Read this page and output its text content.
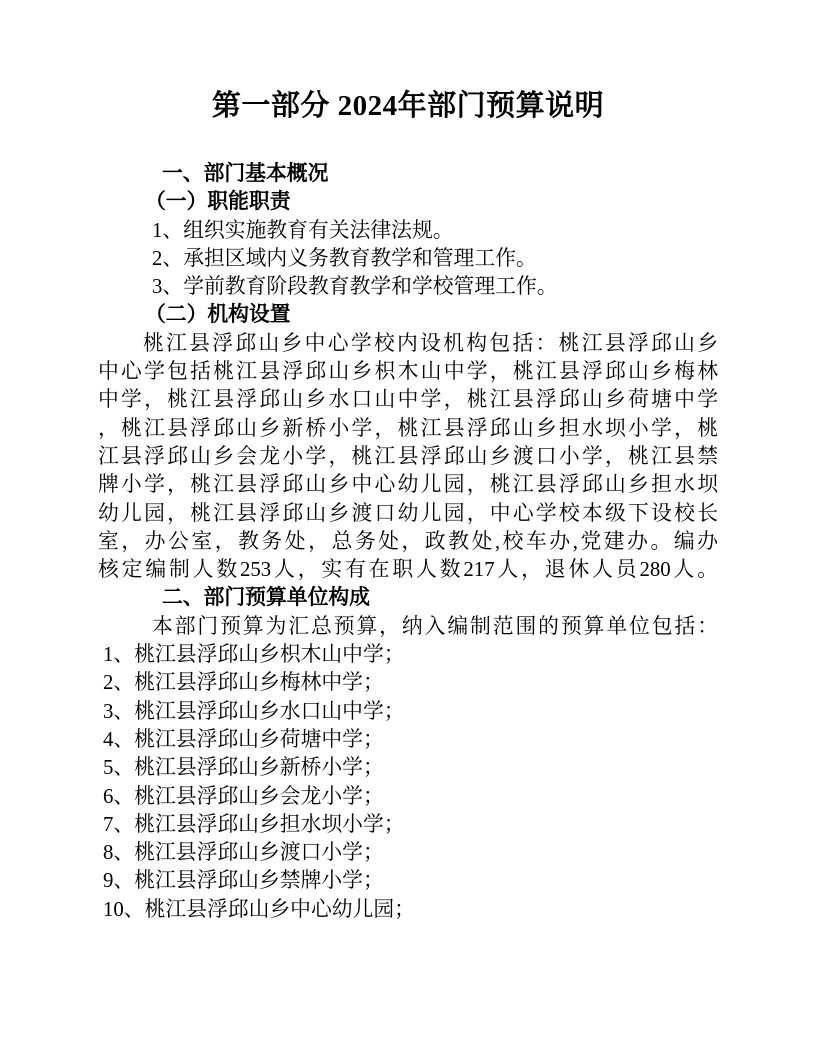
第一部分 2024年部门预算说明
一、部门基本概况
（一）职能职责
1、组织实施教育有关法律法规。
2、承担区域内义务教育教学和管理工作。
3、学前教育阶段教育教学和学校管理工作。
（二）机构设置
桃江县浮邱山乡中心学校内设机构包括：桃江县浮邱山乡
中心学包括桃江县浮邱山乡枳木山中学，桃江县浮邱山乡梅林
中学，桃江县浮邱山乡水口山中学，桃江县浮邱山乡荷塘中学
，桃江县浮邱山乡新桥小学，桃江县浮邱山乡担水坝小学，桃
江县浮邱山乡会龙小学，桃江县浮邱山乡渡口小学，桃江县禁
牌小学，桃江县浮邱山乡中心幼儿园，桃江县浮邱山乡担水坝
幼儿园，桃江县浮邱山乡渡口幼儿园，中心学校本级下设校长
室，办公室，教务处，总务处，政教处,校车办,党建办。编办
核定编制人数253人，实有在职人数217人，退休人员280人。
二、部门预算单位构成
本部门预算为汇总预算，纳入编制范围的预算单位包括：
1、桃江县浮邱山乡枳木山中学；
2、桃江县浮邱山乡梅林中学；
3、桃江县浮邱山乡水口山中学；
4、桃江县浮邱山乡荷塘中学；
5、桃江县浮邱山乡新桥小学；
6、桃江县浮邱山乡会龙小学；
7、桃江县浮邱山乡担水坝小学；
8、桃江县浮邱山乡渡口小学；
9、桃江县浮邱山乡禁牌小学；
10、桃江县浮邱山乡中心幼儿园；
